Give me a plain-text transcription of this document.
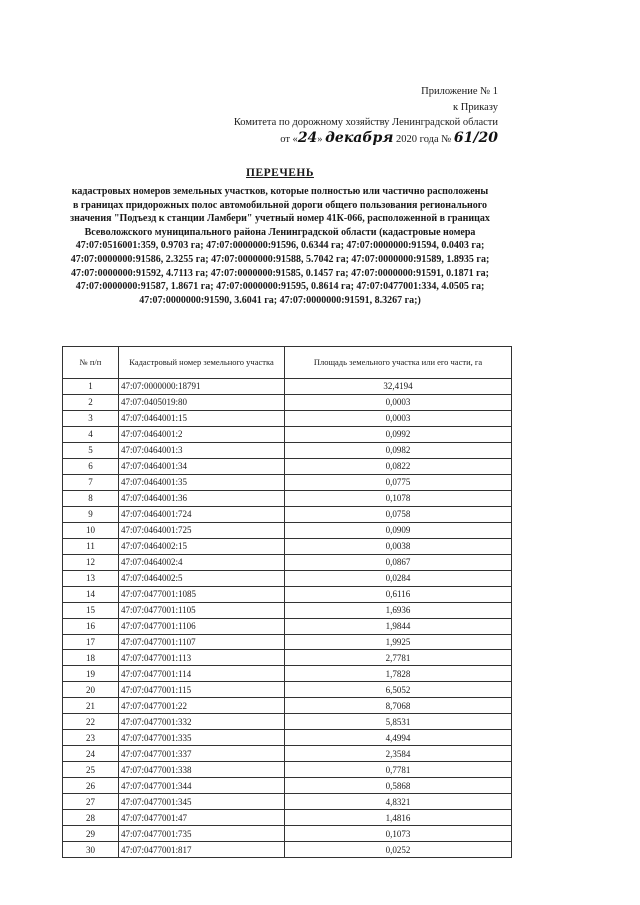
Приложение № 1
к Приказу
Комитета по дорожному хозяйству Ленинградской области
от «24» декабря 2020 года № 61/20
ПЕРЕЧЕНЬ

кадастровых номеров земельных участков, которые полностью или частично расположены в границах придорожных полос автомобильной дороги общего пользования регионального значения "Подъезд к станции Ламбери" учетный номер 41К-066, расположенной в границах Всеволожского муниципального района Ленинградской области (кадастровые номера 47:07:0516001:359, 0.9703 га; 47:07:0000000:91596, 0.6344 га; 47:07:0000000:91594, 0.0403 га; 47:07:0000000:91586, 2.3255 га; 47:07:0000000:91588, 5.7042 га; 47:07:0000000:91589, 1.8935 га; 47:07:0000000:91592, 4.7113 га; 47:07:0000000:91585, 0.1457 га; 47:07:0000000:91591, 0.1871 га; 47:07:0000000:91587, 1.8671 га; 47:07:0000000:91595, 0.8614 га; 47:07:0477001:334, 4.0505 га; 47:07:0000000:91590, 3.6041 га; 47:07:0000000:91591, 8.3267 га;)

№ п/п	Кадастровый номер земельного участка	Площадь земельного участка или его части, га
1	47:07:0000000:18791	32,4194
2	47:07:0405019:80	0,0003
3	47:07:0464001:15	0,0003
4	47:07:0464001:2	0,0992
5	47:07:0464001:3	0,0982
6	47:07:0464001:34	0,0822
7	47:07:0464001:35	0,0775
8	47:07:0464001:36	0,1078
9	47:07:0464001:724	0,0758
10	47:07:0464001:725	0,0909
11	47:07:0464002:15	0,0038
12	47:07:0464002:4	0,0867
13	47:07:0464002:5	0,0284
14	47:07:0477001:1085	0,6116
15	47:07:0477001:1105	1,6936
16	47:07:0477001:1106	1,9844
17	47:07:0477001:1107	1,9925
18	47:07:0477001:113	2,7781
19	47:07:0477001:114	1,7828
20	47:07:0477001:115	6,5052
21	47:07:0477001:22	8,7068
22	47:07:0477001:332	5,8531
23	47:07:0477001:335	4,4994
24	47:07:0477001:337	2,3584
25	47:07:0477001:338	0,7781
26	47:07:0477001:344	0,5868
27	47:07:0477001:345	4,8321
28	47:07:0477001:47	1,4816
29	47:07:0477001:735	0,1073
30	47:07:0477001:817	0,0252
